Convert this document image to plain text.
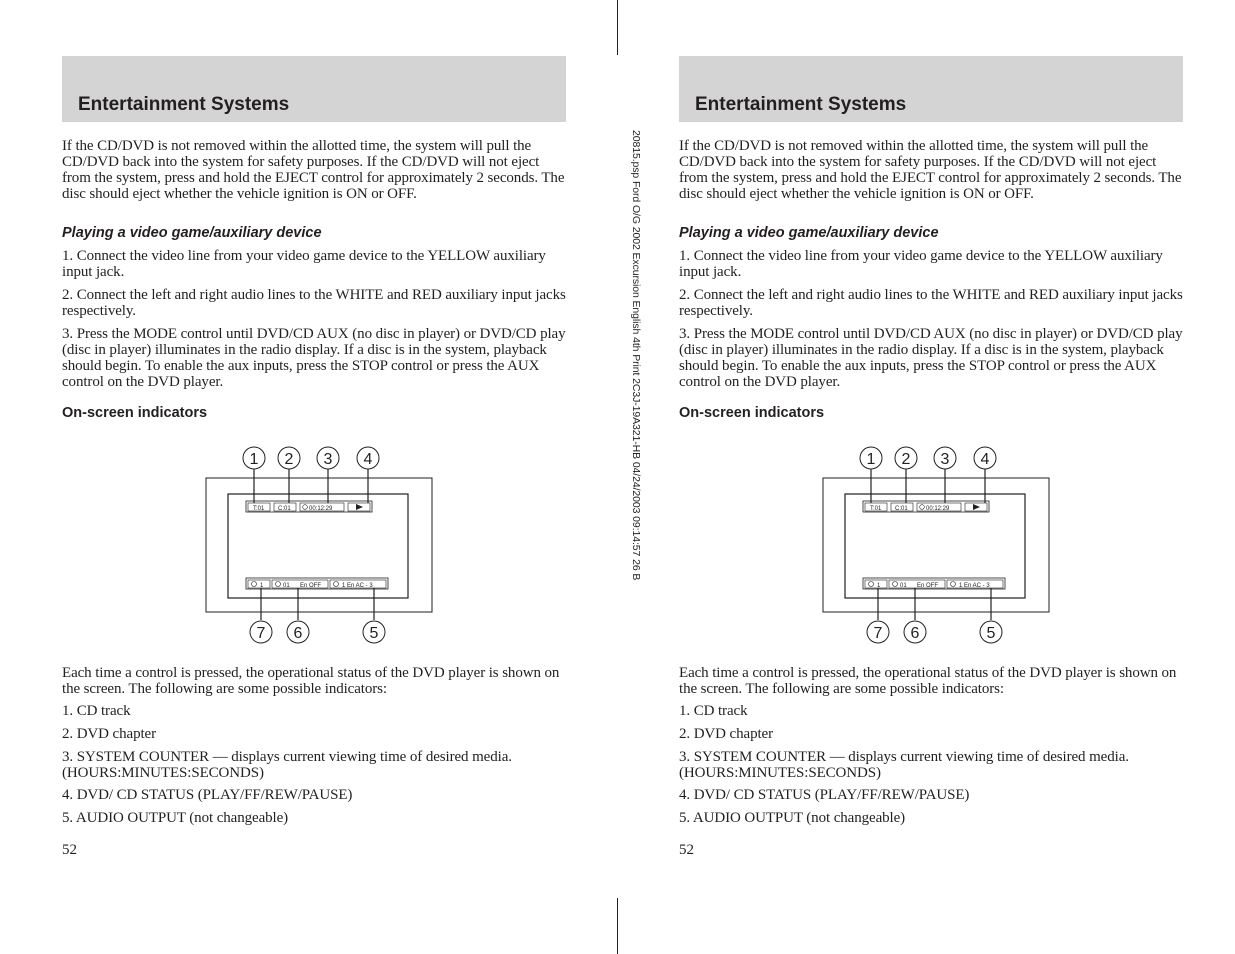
20815.psp Ford O/G 2002 Excursion English 4th Print 2C3J-19A321-HB 04/24/2003 09:14:57 26 B
Entertainment Systems

If the CD/DVD is not removed within the allotted time, the system will pull the CD/DVD back into the system for safety purposes. If the CD/DVD will not eject from the system, press and hold the EJECT control for approximately 2 seconds. The disc should eject whether the vehicle ignition is ON or OFF.

Playing a video game/auxiliary device

1. Connect the video line from your video game device to the YELLOW auxiliary input jack.

2. Connect the left and right audio lines to the WHITE and RED auxiliary input jacks respectively.

3. Press the MODE control until DVD/CD AUX (no disc in player) or DVD/CD play (disc in player) illuminates in the radio display. If a disc is in the system, playback should begin. To enable the aux inputs, press the STOP control or press the AUX control on the DVD player.

On-screen indicators

T:01 C:01	00:12:29
1	01 En OFF	1 En AC - 3
1 2 3 4
5
6
7

Each time a control is pressed, the operational status of the DVD player is shown on the screen. The following are some possible indicators:

1. CD track

2. DVD chapter

3. SYSTEM COUNTER — displays current viewing time of desired media. (HOURS:MINUTES:SECONDS)

4. DVD/ CD STATUS (PLAY/FF/REW/PAUSE)

5. AUDIO OUTPUT (not changeable)

52
Entertainment Systems

If the CD/DVD is not removed within the allotted time, the system will pull the CD/DVD back into the system for safety purposes. If the CD/DVD will not eject from the system, press and hold the EJECT control for approximately 2 seconds. The disc should eject whether the vehicle ignition is ON or OFF.

Playing a video game/auxiliary device

1. Connect the video line from your video game device to the YELLOW auxiliary input jack.

2. Connect the left and right audio lines to the WHITE and RED auxiliary input jacks respectively.

3. Press the MODE control until DVD/CD AUX (no disc in player) or DVD/CD play (disc in player) illuminates in the radio display. If a disc is in the system, playback should begin. To enable the aux inputs, press the STOP control or press the AUX control on the DVD player.

On-screen indicators

T:01 C:01	00:12:29
1	01 En OFF	1 En AC - 3
1 2 3 4
5
6
7

Each time a control is pressed, the operational status of the DVD player is shown on the screen. The following are some possible indicators:

1. CD track

2. DVD chapter

3. SYSTEM COUNTER — displays current viewing time of desired media. (HOURS:MINUTES:SECONDS)

4. DVD/ CD STATUS (PLAY/FF/REW/PAUSE)

5. AUDIO OUTPUT (not changeable)

52
